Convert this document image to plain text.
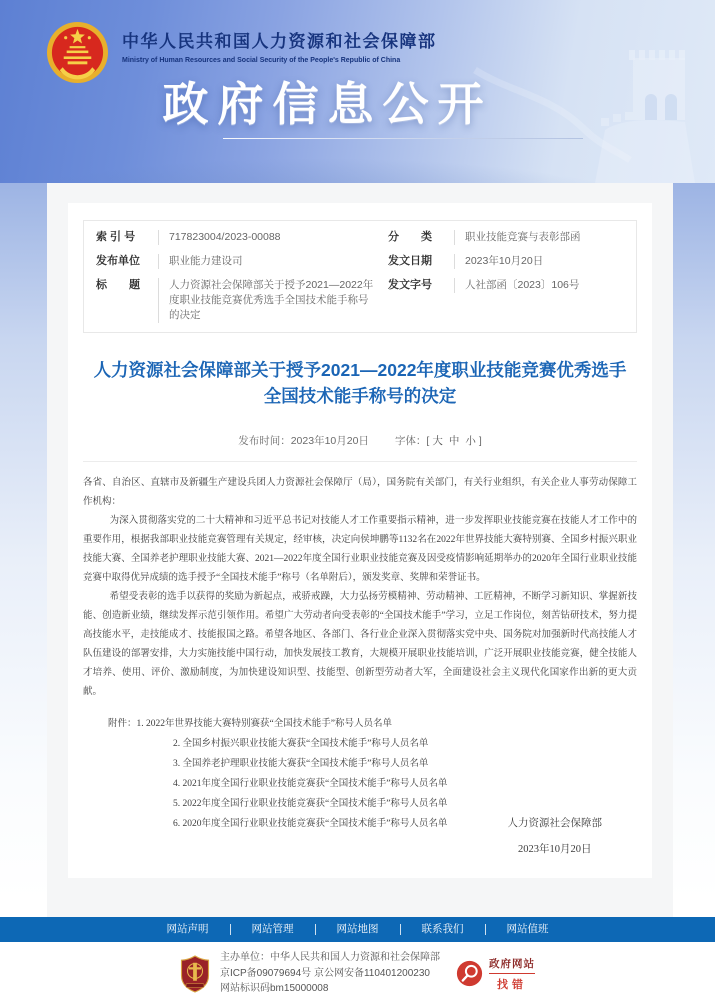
中华人民共和国人力资源和社会保障部
Ministry of Human Resources and Social Security of the People's Republic of China
政府信息公开
索 引 号	717823004/2023-00088	分　　类	职业技能竞赛与表彰部函
发布单位	职业能力建设司	发文日期	2023年10月20日
标　　题	人力资源社会保障部关于授予2021—2022年度职业技能竞赛优秀选手全国技术能手称号的决定
发文字号	人社部函〔2023〕106号
人力资源社会保障部关于授予2021—2022年度职业技能竞赛优秀选手全国技术能手称号的决定
发布时间：2023年10月20日 字体：[ 大 中 小 ]

各省、自治区、直辖市及新疆生产建设兵团人力资源社会保障厅（局），国务院有关部门，有关行业组织，有关企业人事劳动保障工作机构：

为深入贯彻落实党的二十大精神和习近平总书记对技能人才工作重要指示精神，进一步发挥职业技能竞赛在技能人才工作中的重要作用，根据我部职业技能竞赛管理有关规定，经审核，决定向侯坤鹏等1132名在2022年世界技能大赛特别赛、全国乡村振兴职业技能大赛、全国养老护理职业技能大赛、2021—2022年度全国行业职业技能竞赛及因受疫情影响延期举办的2020年全国行业职业技能竞赛中取得优异成绩的选手授予“全国技术能手”称号（名单附后），颁发奖章、奖牌和荣誉证书。

希望受表彰的选手以获得的奖励为新起点，戒骄戒躁，大力弘扬劳模精神、劳动精神、工匠精神，不断学习新知识、掌握新技能、创造新业绩，继续发挥示范引领作用。希望广大劳动者向受表彰的“全国技术能手”学习，立足工作岗位，刻苦钻研技术，努力提高技能水平，走技能成才、技能报国之路。希望各地区、各部门、各行业企业深入贯彻落实党中央、国务院对加强新时代高技能人才队伍建设的部署安排，大力实施技能中国行动，加快发展技工教育，大规模开展职业技能培训，广泛开展职业技能竞赛，健全技能人才培养、使用、评价、激励制度，为加快建设知识型、技能型、创新型劳动者大军，全面建设社会主义现代化国家作出新的更大贡献。

附件：1. 2022年世界技能大赛特别赛获“全国技术能手”称号人员名单
2. 全国乡村振兴职业技能大赛获“全国技术能手”称号人员名单
3. 全国养老护理职业技能大赛获“全国技术能手”称号人员名单
4. 2021年度全国行业职业技能竞赛获“全国技术能手”称号人员名单
5. 2022年度全国行业职业技能竞赛获“全国技术能手”称号人员名单
6. 2020年度全国行业职业技能竞赛获“全国技术能手”称号人员名单	人力资源社会保障部
2023年10月20日
网站声明	网站管理	网站地图	联系我们	网站值班
主办单位：中华人民共和国人力资源和社会保障部
京ICP备09079694号 京公网安备110401200230
网站标识码bm15000008
政府网站
找错
